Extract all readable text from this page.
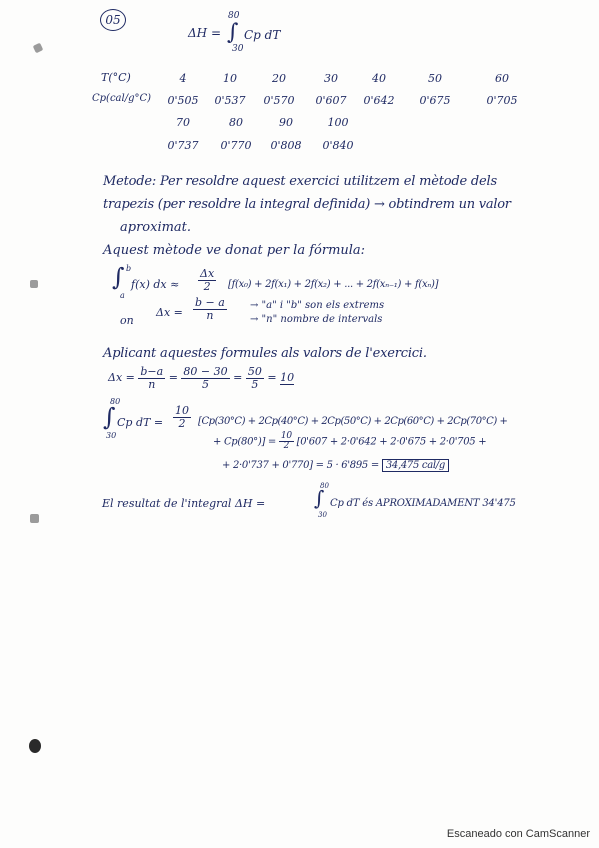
05
ΔH =
80
∫
30
Cp dT
T(°C)
Cp(cal/g°C)
4	10	20	30	40	50	60
0'505	0'537	0'570	0'607	0'642	0'675	0'705
70	80	90	100
0'737	0'770	0'808	0'840
Metode: Per resoldre aquest exercici utilitzem el mètode dels
trapezis (per resoldre la integral definida) → obtindrem un valor
aproximat.
Aquest mètode ve donat per la fórmula:
∫ b
a
f(x) dx ≈ $\frac{\Delta x}{2} [f(x_0) + 2f(x_1) + 2f(x_2)$ + ... + 2f(xₙ₋₁) + f(xₙ)]
on
$\Delta x = \frac{b - a}{n}$ → "a" i "b" son els extrems
→ "n" nombre de intervals
Aplicant aquestes formules als valors de l'exercici.
$\Delta x = \frac{b-a}{n} = \frac{80 - 30}{5} = \frac{50}{5} = 10$
80
∫
30
Cp dT = $\frac{10}{2} [Cp(30^\circ C) + 2Cp(40^\circ C) + 2Cp(50^\circ C) + 2Cp(60^\circ C) + 2Cp(70^\circ C)$ +
+ $Cp(80^\circ)] = \frac{10}{2} [0'607 + 2\cdot 0'642 + 2\cdot 0'675 + 2\cdot 0'705$ +
+ 2·0'737 + 0'770] = 5 · 6'895 = 34,475 cal/g
El resultat de l'integral ΔH =
80
∫
30
Cp dT és APROXIMADAMENT 34'475
Escaneado con CamScanner
